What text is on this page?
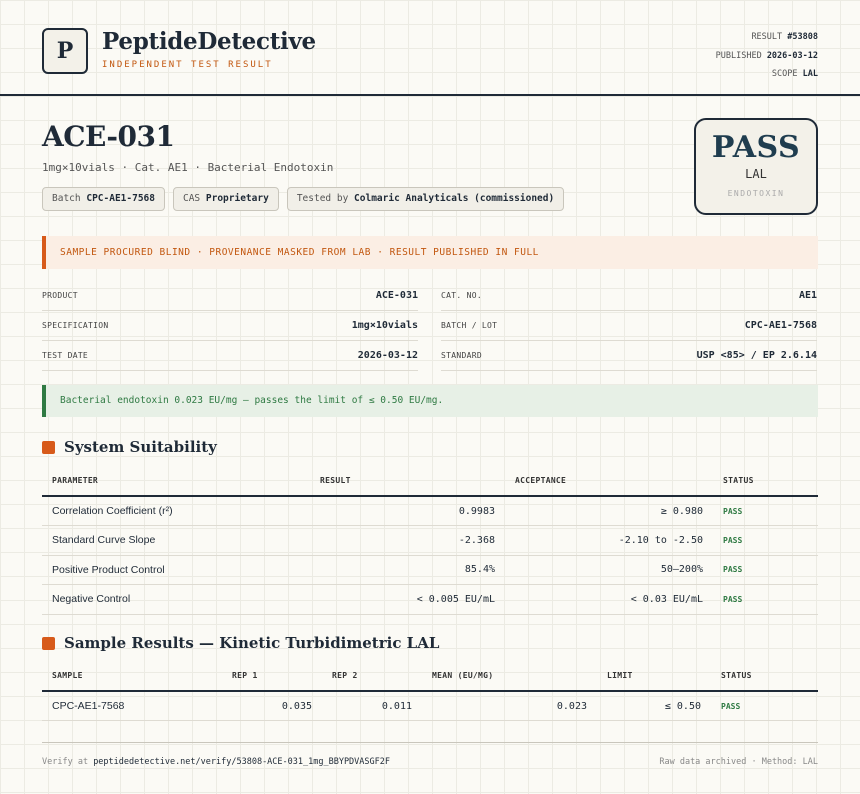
P	PeptideDetective
INDEPENDENT TEST RESULT
RESULT #53808
PUBLISHED 2026-03-12
SCOPE LAL
ACE-031
1mg×10vials · Cat. AE1 · Bacterial Endotoxin
Batch CPC-AE1-7568	CAS Proprietary	Tested by Colmaric Analyticals (commissioned)
PASS
LAL
ENDOTOXIN
SAMPLE PROCURED BLIND · PROVENANCE MASKED FROM LAB · RESULT PUBLISHED IN FULL
PRODUCT	ACE-031
SPECIFICATION	1mg×10vials
TEST DATE	2026-03-12
CAT. NO.	AE1
BATCH / LOT	CPC-AE1-7568
STANDARD	USP <85> / EP 2.6.14
Bacterial endotoxin 0.023 EU/mg — passes the limit of ≤ 0.50 EU/mg.
System Suitability
PARAMETER	RESULT	ACCEPTANCE	STATUS
Correlation Coefficient (r²)	0.9983	≥ 0.980	PASS
Standard Curve Slope	-2.368	-2.10 to -2.50	PASS
Positive Product Control	85.4%	50–200%	PASS
Negative Control	< 0.005 EU/mL	< 0.03 EU/mL	PASS
Sample Results — Kinetic Turbidimetric LAL
SAMPLE	REP 1	REP 2	MEAN (EU/MG)	LIMIT	STATUS
CPC-AE1-7568	0.035	0.011	0.023	≤ 0.50	PASS
Verify at peptidedetective.net/verify/53808-ACE-031_1mg_BBYPDVASGF2F	Raw data archived · Method: LAL
